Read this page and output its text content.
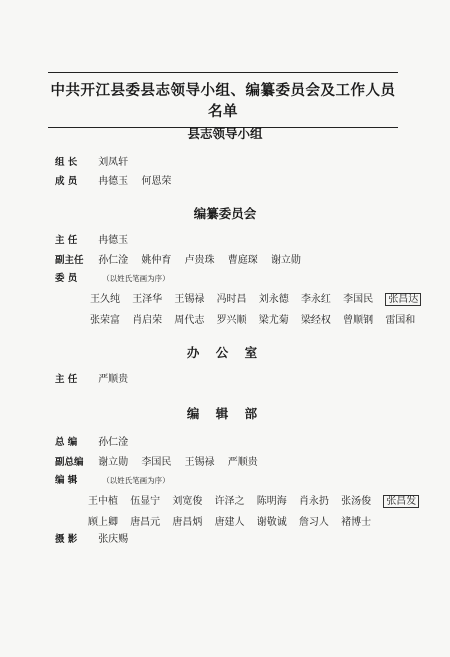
中共开江县委县志领导小组、编纂委员会及工作人员名单
县志领导小组
组 长 刘凤轩
成 员 冉德玉 何恩荣
编纂委员会
主 任 冉德玉
副主任 孙仁淦 姚仲育 卢贵珠 曹庭琛 谢立勋
委 员	（以姓氏笔画为序）
王久纯 王泽华 王锡禄 冯时昌 刘永德 李永红 李国民 张昌达
张荣富 肖启荣 周代志 罗兴顺 梁尤菊 梁经权 曾顺钢 雷国和
办 公 室
主 任 严顺贵
编 辑 部
总 编 孙仁淦
副总编 谢立勋 李国民 王锡禄 严顺贵
编 辑	（以姓氏笔画为序）
王中植 伍显宁 刘宽俊 许泽之 陈明海 肖永扔 张汤俊 张昌发
顾上卿 唐昌元 唐昌炳 唐建人 谢敬诚 詹习人 褚博士
摄 影 张庆赐
